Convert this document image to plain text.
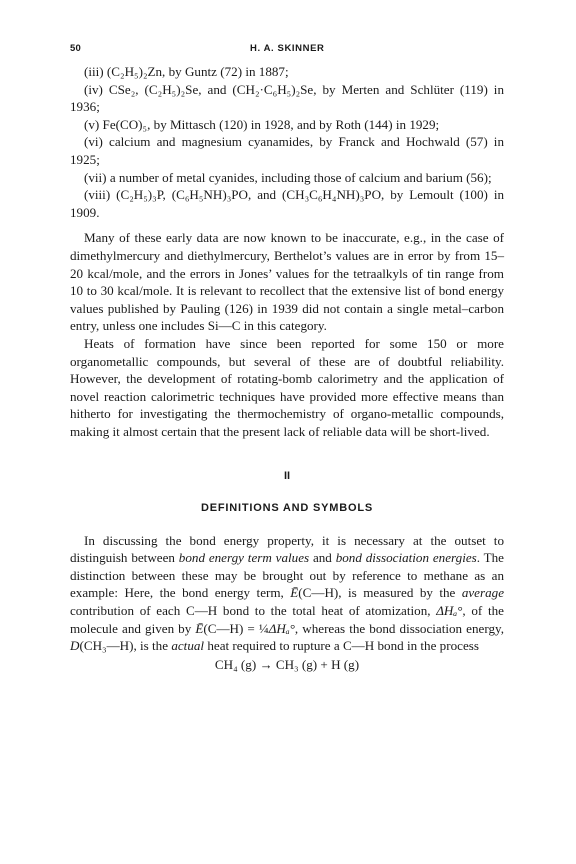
50	H. A. SKINNER

(iii) (C₂H₅)₂Zn, by Guntz (72) in 1887;

(iv) CSe₂, (C₂H₅)₂Se, and (CH₂·C₆H₅)₂Se, by Merten and Schlüter (119) in 1936;

(v) Fe(CO)₅, by Mittasch (120) in 1928, and by Roth (144) in 1929;

(vi) calcium and magnesium cyanamides, by Franck and Hochwald (57) in 1925;

(vii) a number of metal cyanides, including those of calcium and barium (56);

(viii) (C₂H₅)₃P, (C₆H₅NH)₃PO, and (CH₃C₆H₄NH)₃PO, by Lemoult (100) in 1909.

Many of these early data are now known to be inaccurate, e.g., in the case of dimethylmercury and diethylmercury, Berthelot’s values are in error by from 15–20 kcal/mole, and the errors in Jones’ values for the tetraalkyls of tin range from 10 to 30 kcal/mole. It is relevant to recollect that the extensive list of bond energy values published by Pauling (126) in 1939 did not contain a single metal–carbon entry, unless one includes Si—C in this category.

Heats of formation have since been reported for some 150 or more organometallic compounds, but several of these are of doubtful reliability. However, the development of rotating-bomb calorimetry and the application of novel reaction calorimetric techniques have provided more effective means than hitherto for investigating the thermochemistry of organo-metallic compounds, making it almost certain that the present lack of reliable data will be short-lived.

II
DEFINITIONS AND SYMBOLS

In discussing the bond energy property, it is necessary at the outset to distinguish between bond energy term values and bond dissociation energies. The distinction between these may be brought out by reference to methane as an example: Here, the bond energy term, Ē(C—H), is measured by the average contribution of each C—H bond to the total heat of atomization, ΔHₐ°, of the molecule and given by Ē(C—H) = ¼ΔHₐ°, whereas the bond dissociation energy, D(CH₃—H), is the actual heat required to rupture a C—H bond in the process

CH₄ (g) → CH₃ (g) + H (g)
